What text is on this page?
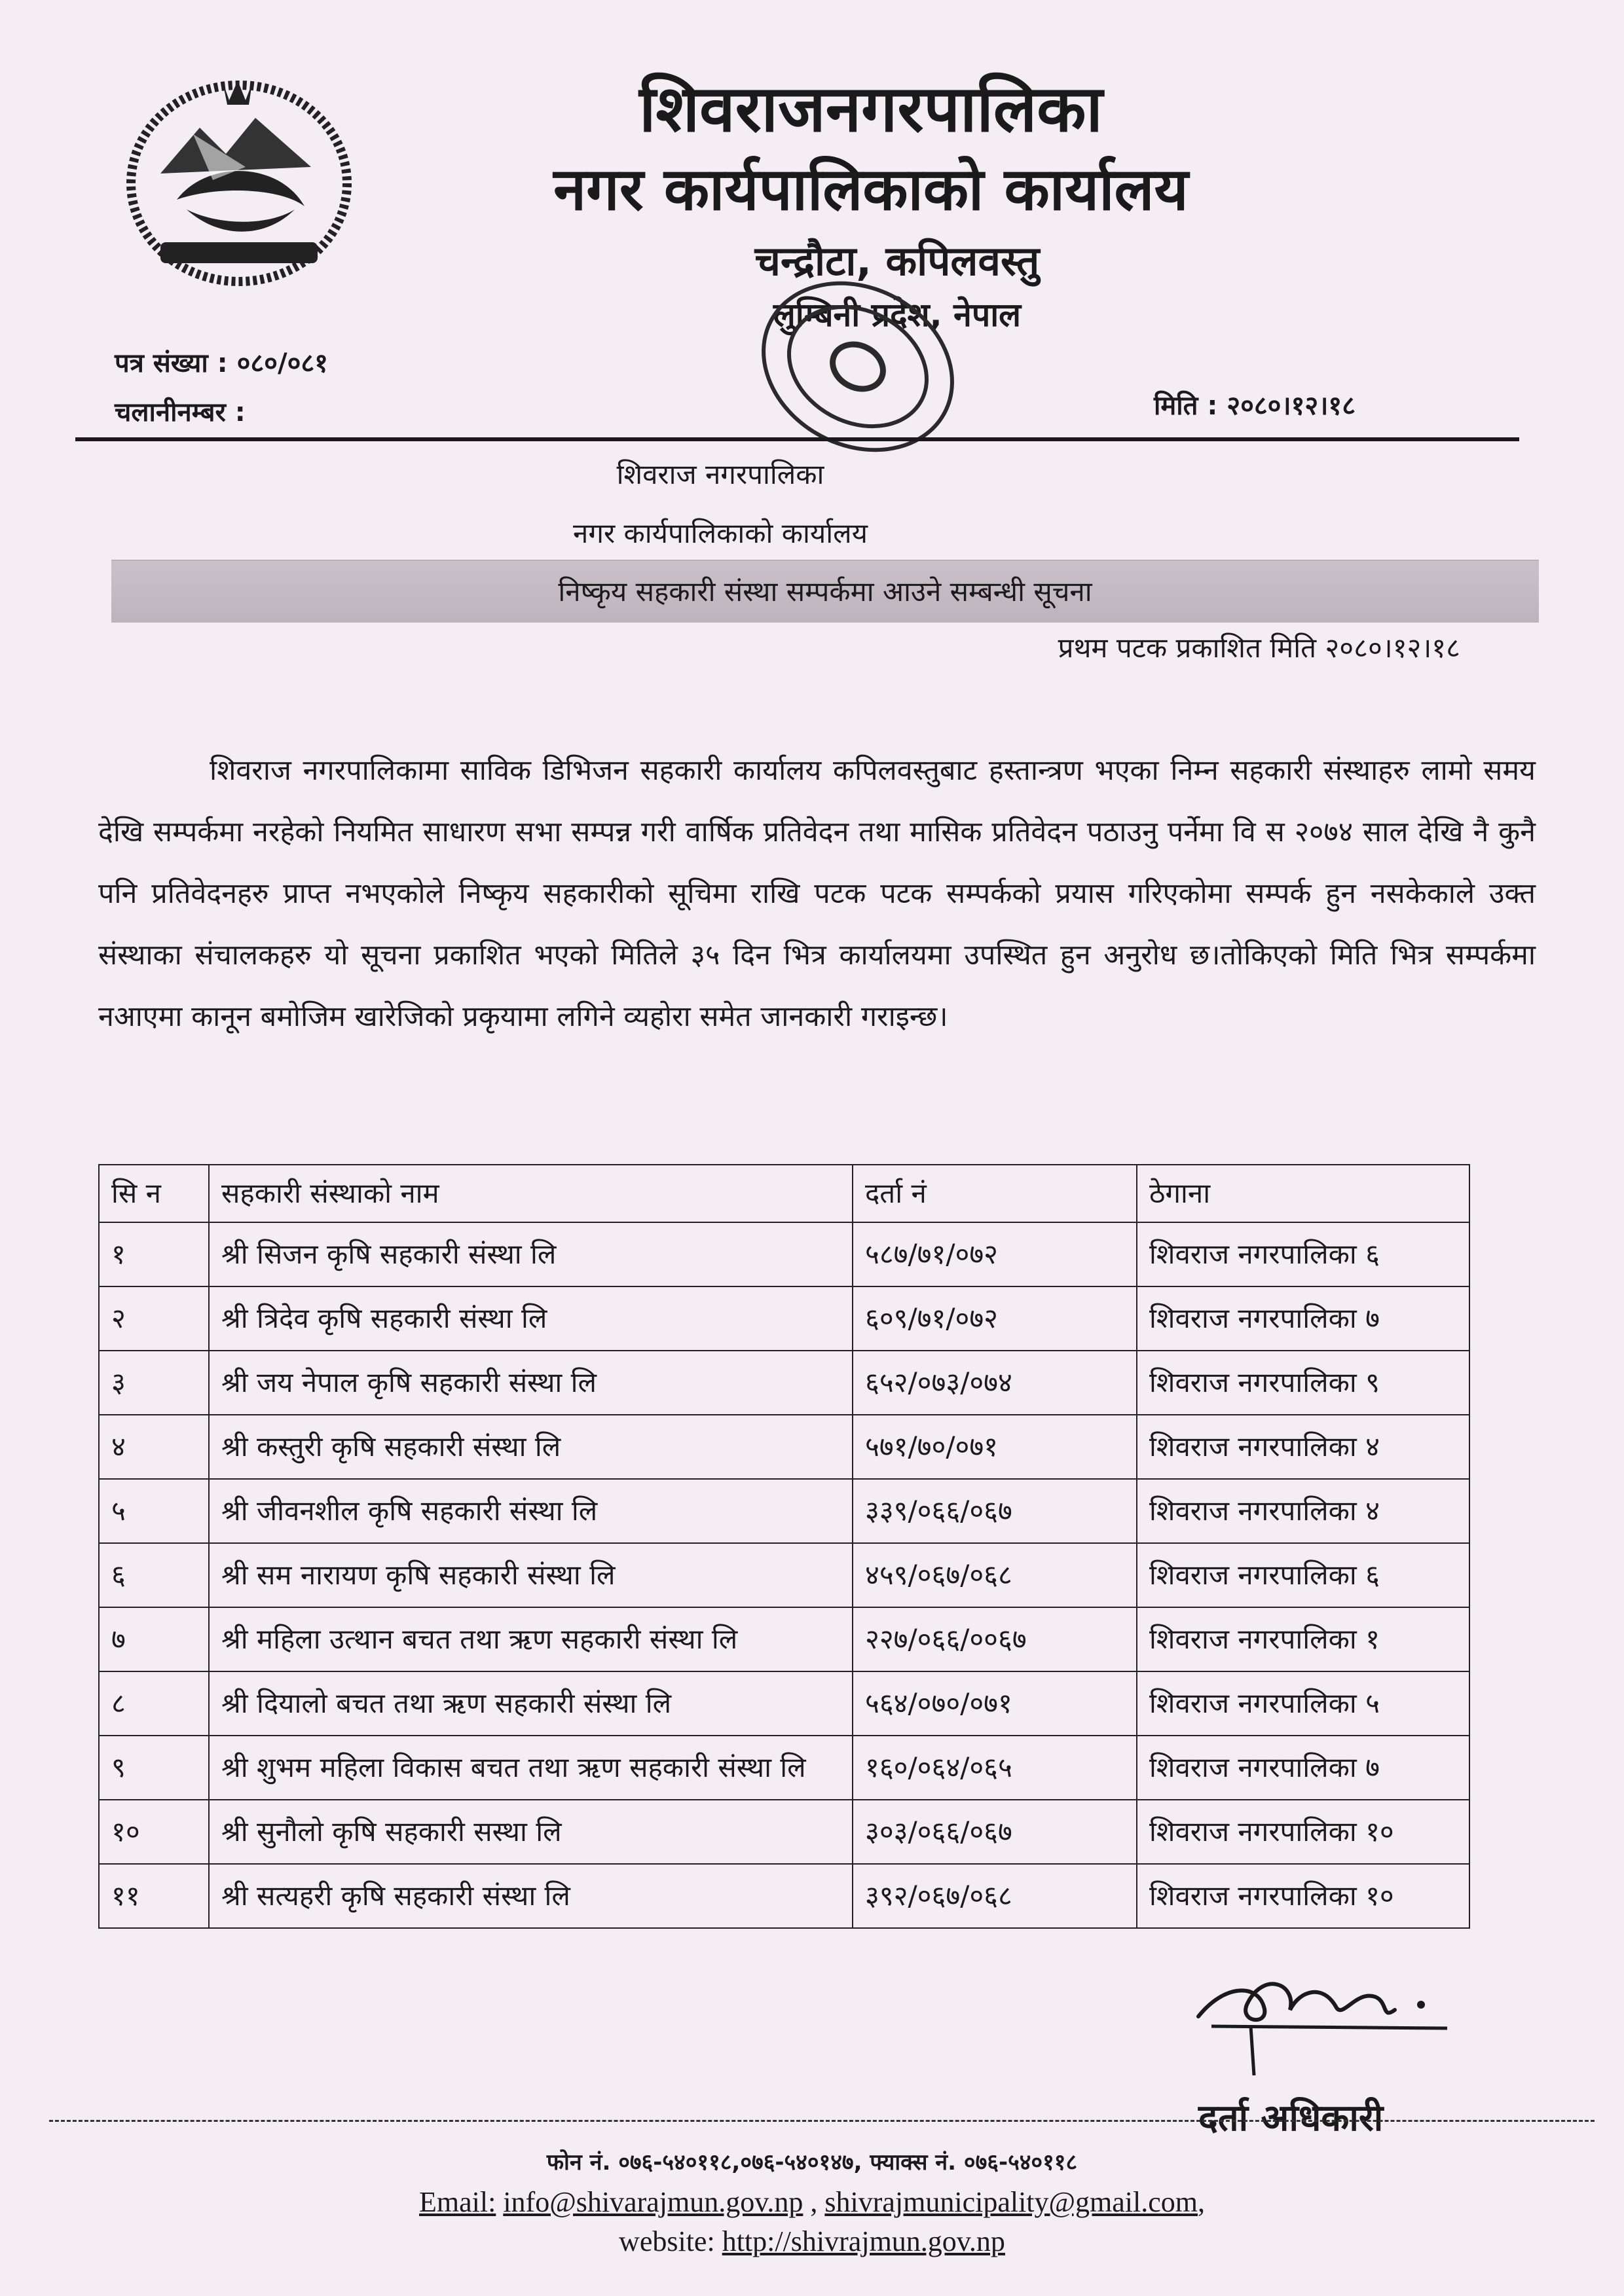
शिवराजनगरपालिका
नगर कार्यपालिकाको कार्यालय
चन्द्रौटा, कपिलवस्तु
लुम्बिनी प्रदेश, नेपाल
पत्र संख्या : ०८०/०८१
चलानीनम्बर :	मिति : २०८०।१२।१८
शिवराज नगरपालिका
नगर कार्यपालिकाको कार्यालय
निष्कृय सहकारी संस्था सम्पर्कमा आउने सम्बन्धी सूचना
प्रथम पटक प्रकाशित मिति २०८०।१२।१८
शिवराज नगरपालिकामा साविक डिभिजन सहकारी कार्यालय कपिलवस्तुबाट हस्तान्त्रण भएका निम्न सहकारी संस्थाहरु लामो समय देखि सम्पर्कमा नरहेको नियमित साधारण सभा सम्पन्न गरी वार्षिक प्रतिवेदन तथा मासिक प्रतिवेदन पठाउनु पर्नेमा वि स २०७४ साल देखि नै कुनै पनि प्रतिवेदनहरु प्राप्त नभएकोले निष्कृय सहकारीको सूचिमा राखि पटक पटक सम्पर्कको प्रयास गरिएकोमा सम्पर्क हुन नसकेकाले उक्त संस्थाका संचालकहरु यो सूचना प्रकाशित भएको मितिले ३५ दिन भित्र कार्यालयमा उपस्थित हुन अनुरोध छ।तोकिएको मिति भित्र सम्पर्कमा नआएमा कानून बमोजिम खारेजिको प्रकृयामा लगिने व्यहोरा समेत जानकारी गराइन्छ।
सि न	सहकारी संस्थाको नाम	दर्ता नं	ठेगाना
१	श्री सिजन कृषि सहकारी संस्था लि	५८७/७१/०७२	शिवराज नगरपालिका ६
२	श्री त्रिदेव कृषि सहकारी संस्था लि	६०९/७१/०७२	शिवराज नगरपालिका ७
३	श्री जय नेपाल कृषि सहकारी संस्था लि	६५२/०७३/०७४	शिवराज नगरपालिका ९
४	श्री कस्तुरी कृषि सहकारी संस्था लि	५७१/७०/०७१	शिवराज नगरपालिका ४
५	श्री जीवनशील कृषि सहकारी संस्था लि	३३९/०६६/०६७	शिवराज नगरपालिका ४
६	श्री सम नारायण कृषि सहकारी संस्था लि	४५९/०६७/०६८	शिवराज नगरपालिका ६
७	श्री महिला उत्थान बचत तथा ऋण सहकारी संस्था लि	२२७/०६६/००६७	शिवराज नगरपालिका १
८	श्री दियालो बचत तथा ऋण सहकारी संस्था लि	५६४/०७०/०७१	शिवराज नगरपालिका ५
९	श्री शुभम महिला विकास बचत तथा ऋण सहकारी संस्था लि	१६०/०६४/०६५	शिवराज नगरपालिका ७
१०	श्री सुनौलो कृषि सहकारी सस्था लि	३०३/०६६/०६७	शिवराज नगरपालिका १०
११	श्री सत्यहरी कृषि सहकारी संस्था लि	३९२/०६७/०६८	शिवराज नगरपालिका १०
दर्ता अधिकारी
फोन नं. ०७६-५४०११८,०७६-५४०१४७, फ्याक्स नं. ०७६-५४०११८
Email: info@shivarajmun.gov.np , shivrajmunicipality@gmail.com,
website: http://shivrajmun.gov.np
